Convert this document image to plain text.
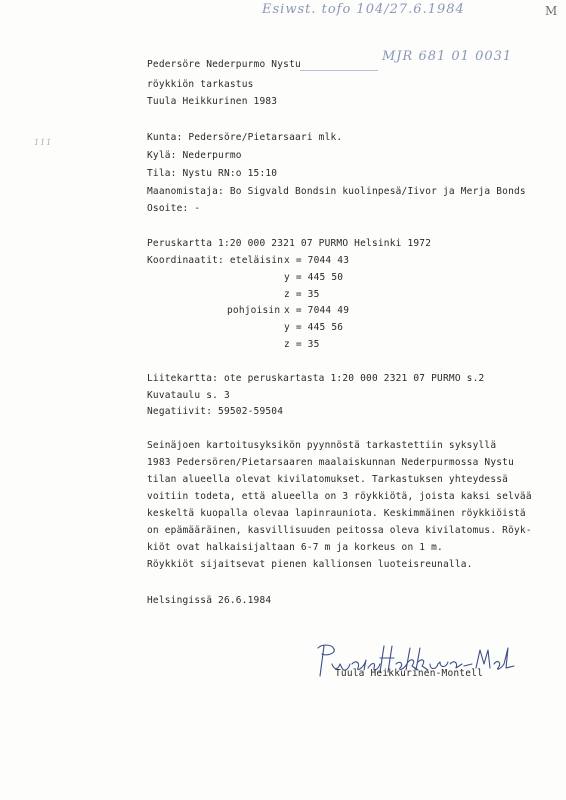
Esiwst. tofo 104/27.6.1984	M
111
Pedersöre Nederpurmo Nystu
MJR 681 01 0031
röykkiön tarkastus
Tuula Heikkurinen 1983
Kunta: Pedersöre/Pietarsaari mlk.
Kylä: Nederpurmo
Tila: Nystu RN:o 15:10
Maanomistaja: Bo Sigvald Bondsin kuolinpesä/Iivor ja Merja Bonds
Osoite: -
Peruskartta 1:20 000 2321 07 PURMO Helsinki 1972
Koordinaatit: eteläisin x = 7044 43
y = 445 50
z = 35
pohjoisin x = 7044 49
y = 445 56
z = 35
Liitekartta: ote peruskartasta 1:20 000 2321 07 PURMO s.2
Kuvataulu s. 3
Negatiivit: 59502-59504
Seinäjoen kartoitusyksikön pyynnöstä tarkastettiin syksyllä
1983 Pedersören/Pietarsaaren maalaiskunnan Nederpurmossa Nystu
tilan alueella olevat kivilatomukset. Tarkastuksen yhteydessä
voitiin todeta, että alueella on 3 röykkiötä, joista kaksi selvää
keskeltä kuopalla olevaa lapinrauniota. Keskimmäinen röykkiöistä
on epämääräinen, kasvillisuuden peitossa oleva kivilatomus. Röyk-
kiöt ovat halkaisijaltaan 6-7 m ja korkeus on 1 m.
Röykkiöt sijaitsevat pienen kallionsen luoteisreunalla.
Helsingissä 26.6.1984
Tuula Heikkurinen-Montell
